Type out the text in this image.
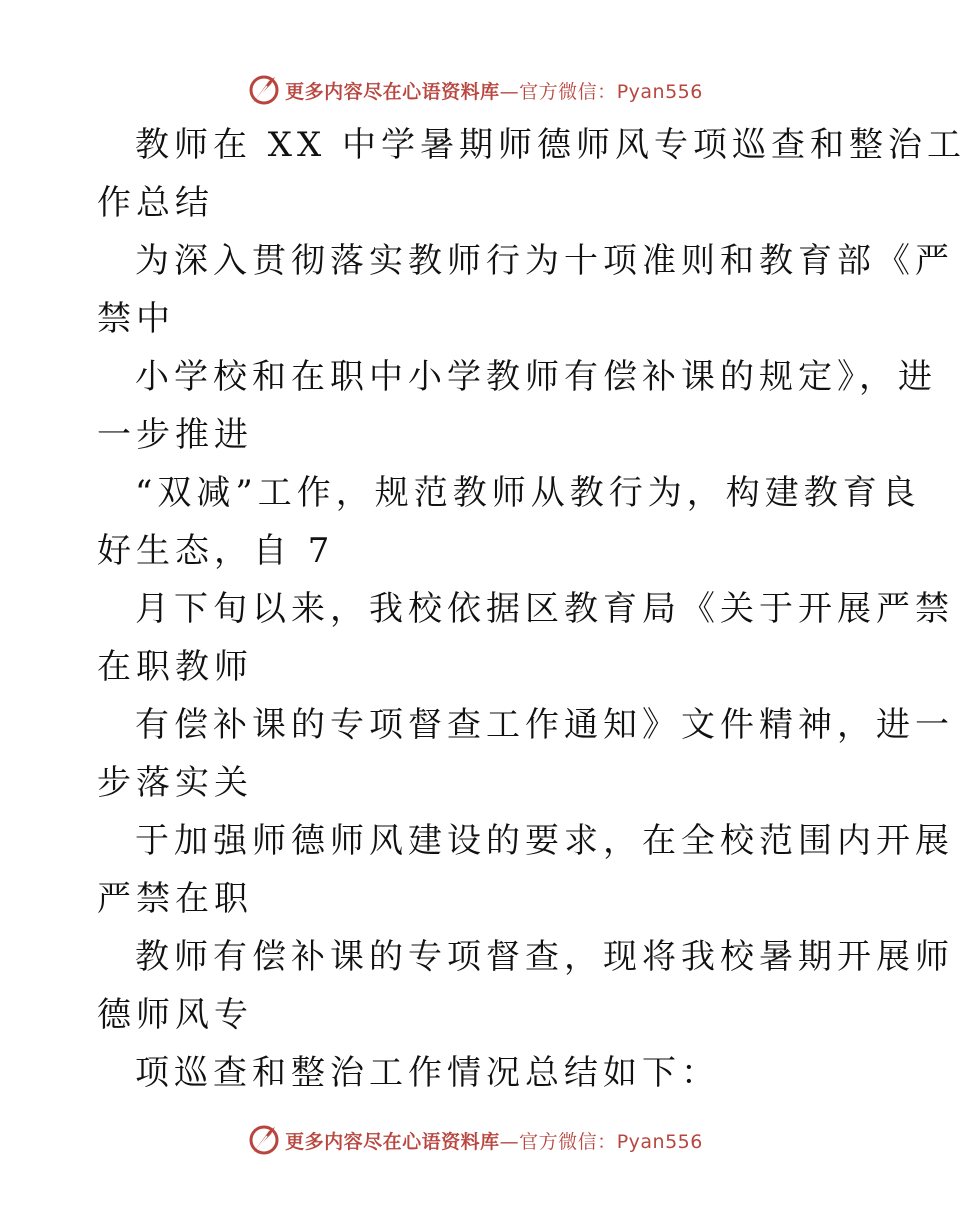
更多内容尽在心语资料库—官方微信：Pyan556
教师在 XX 中学暑期师德师风专项巡查和整治工
作总结
为深入贯彻落实教师行为十项准则和教育部《严
禁中
小学校和在职中小学教师有偿补课的规定》，进
一步推进
“双减”工作，规范教师从教行为，构建教育良
好生态，自 7
月下旬以来，我校依据区教育局《关于开展严禁
在职教师
有偿补课的专项督查工作通知》文件精神，进一
步落实关
于加强师德师风建设的要求，在全校范围内开展
严禁在职
教师有偿补课的专项督查，现将我校暑期开展师
德师风专
项巡查和整治工作情况总结如下：
更多内容尽在心语资料库—官方微信：Pyan556
